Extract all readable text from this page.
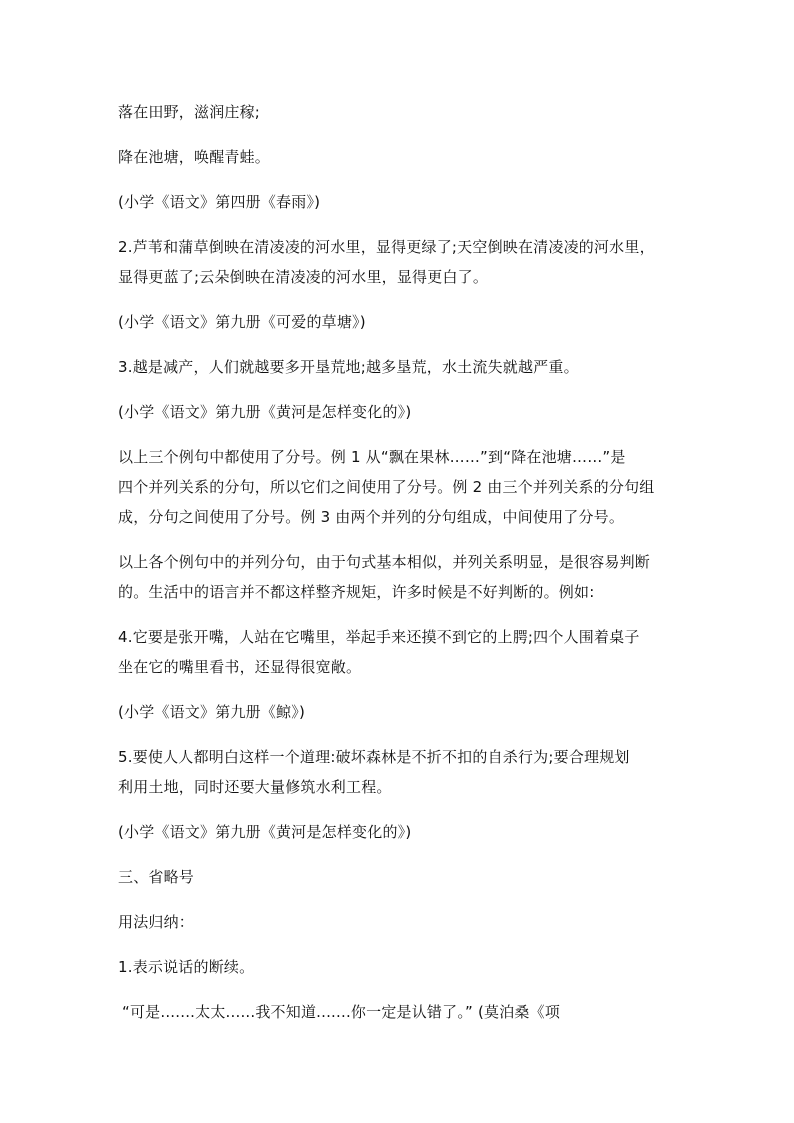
落在田野，滋润庄稼;
降在池塘，唤醒青蛙。
(小学《语文》第四册《春雨》)
2.芦苇和蒲草倒映在清凌凌的河水里，显得更绿了;天空倒映在清凌凌的河水里，
显得更蓝了;云朵倒映在清凌凌的河水里，显得更白了。
(小学《语文》第九册《可爱的草塘》)
3.越是减产，人们就越要多开垦荒地;越多垦荒，水土流失就越严重。
(小学《语文》第九册《黄河是怎样变化的》)
以上三个例句中都使用了分号。例 1 从“飘在果林……”到“降在池塘……”是
四个并列关系的分句，所以它们之间使用了分号。例 2 由三个并列关系的分句组
成，分句之间使用了分号。例 3 由两个并列的分句组成，中间使用了分号。
以上各个例句中的并列分句，由于句式基本相似，并列关系明显，是很容易判断
的。生活中的语言并不都这样整齐规矩，许多时候是不好判断的。例如:
4.它要是张开嘴，人站在它嘴里，举起手来还摸不到它的上腭;四个人围着桌子
坐在它的嘴里看书，还显得很宽敞。
(小学《语文》第九册《鲸》)
5.要使人人都明白这样一个道理:破坏森林是不折不扣的自杀行为;要合理规划
利用土地，同时还要大量修筑水利工程。
(小学《语文》第九册《黄河是怎样变化的》)
三、省略号
用法归纳：
1.表示说话的断续。
“可是.......太太......我不知道.......你一定是认错了。” (莫泊桑《项
